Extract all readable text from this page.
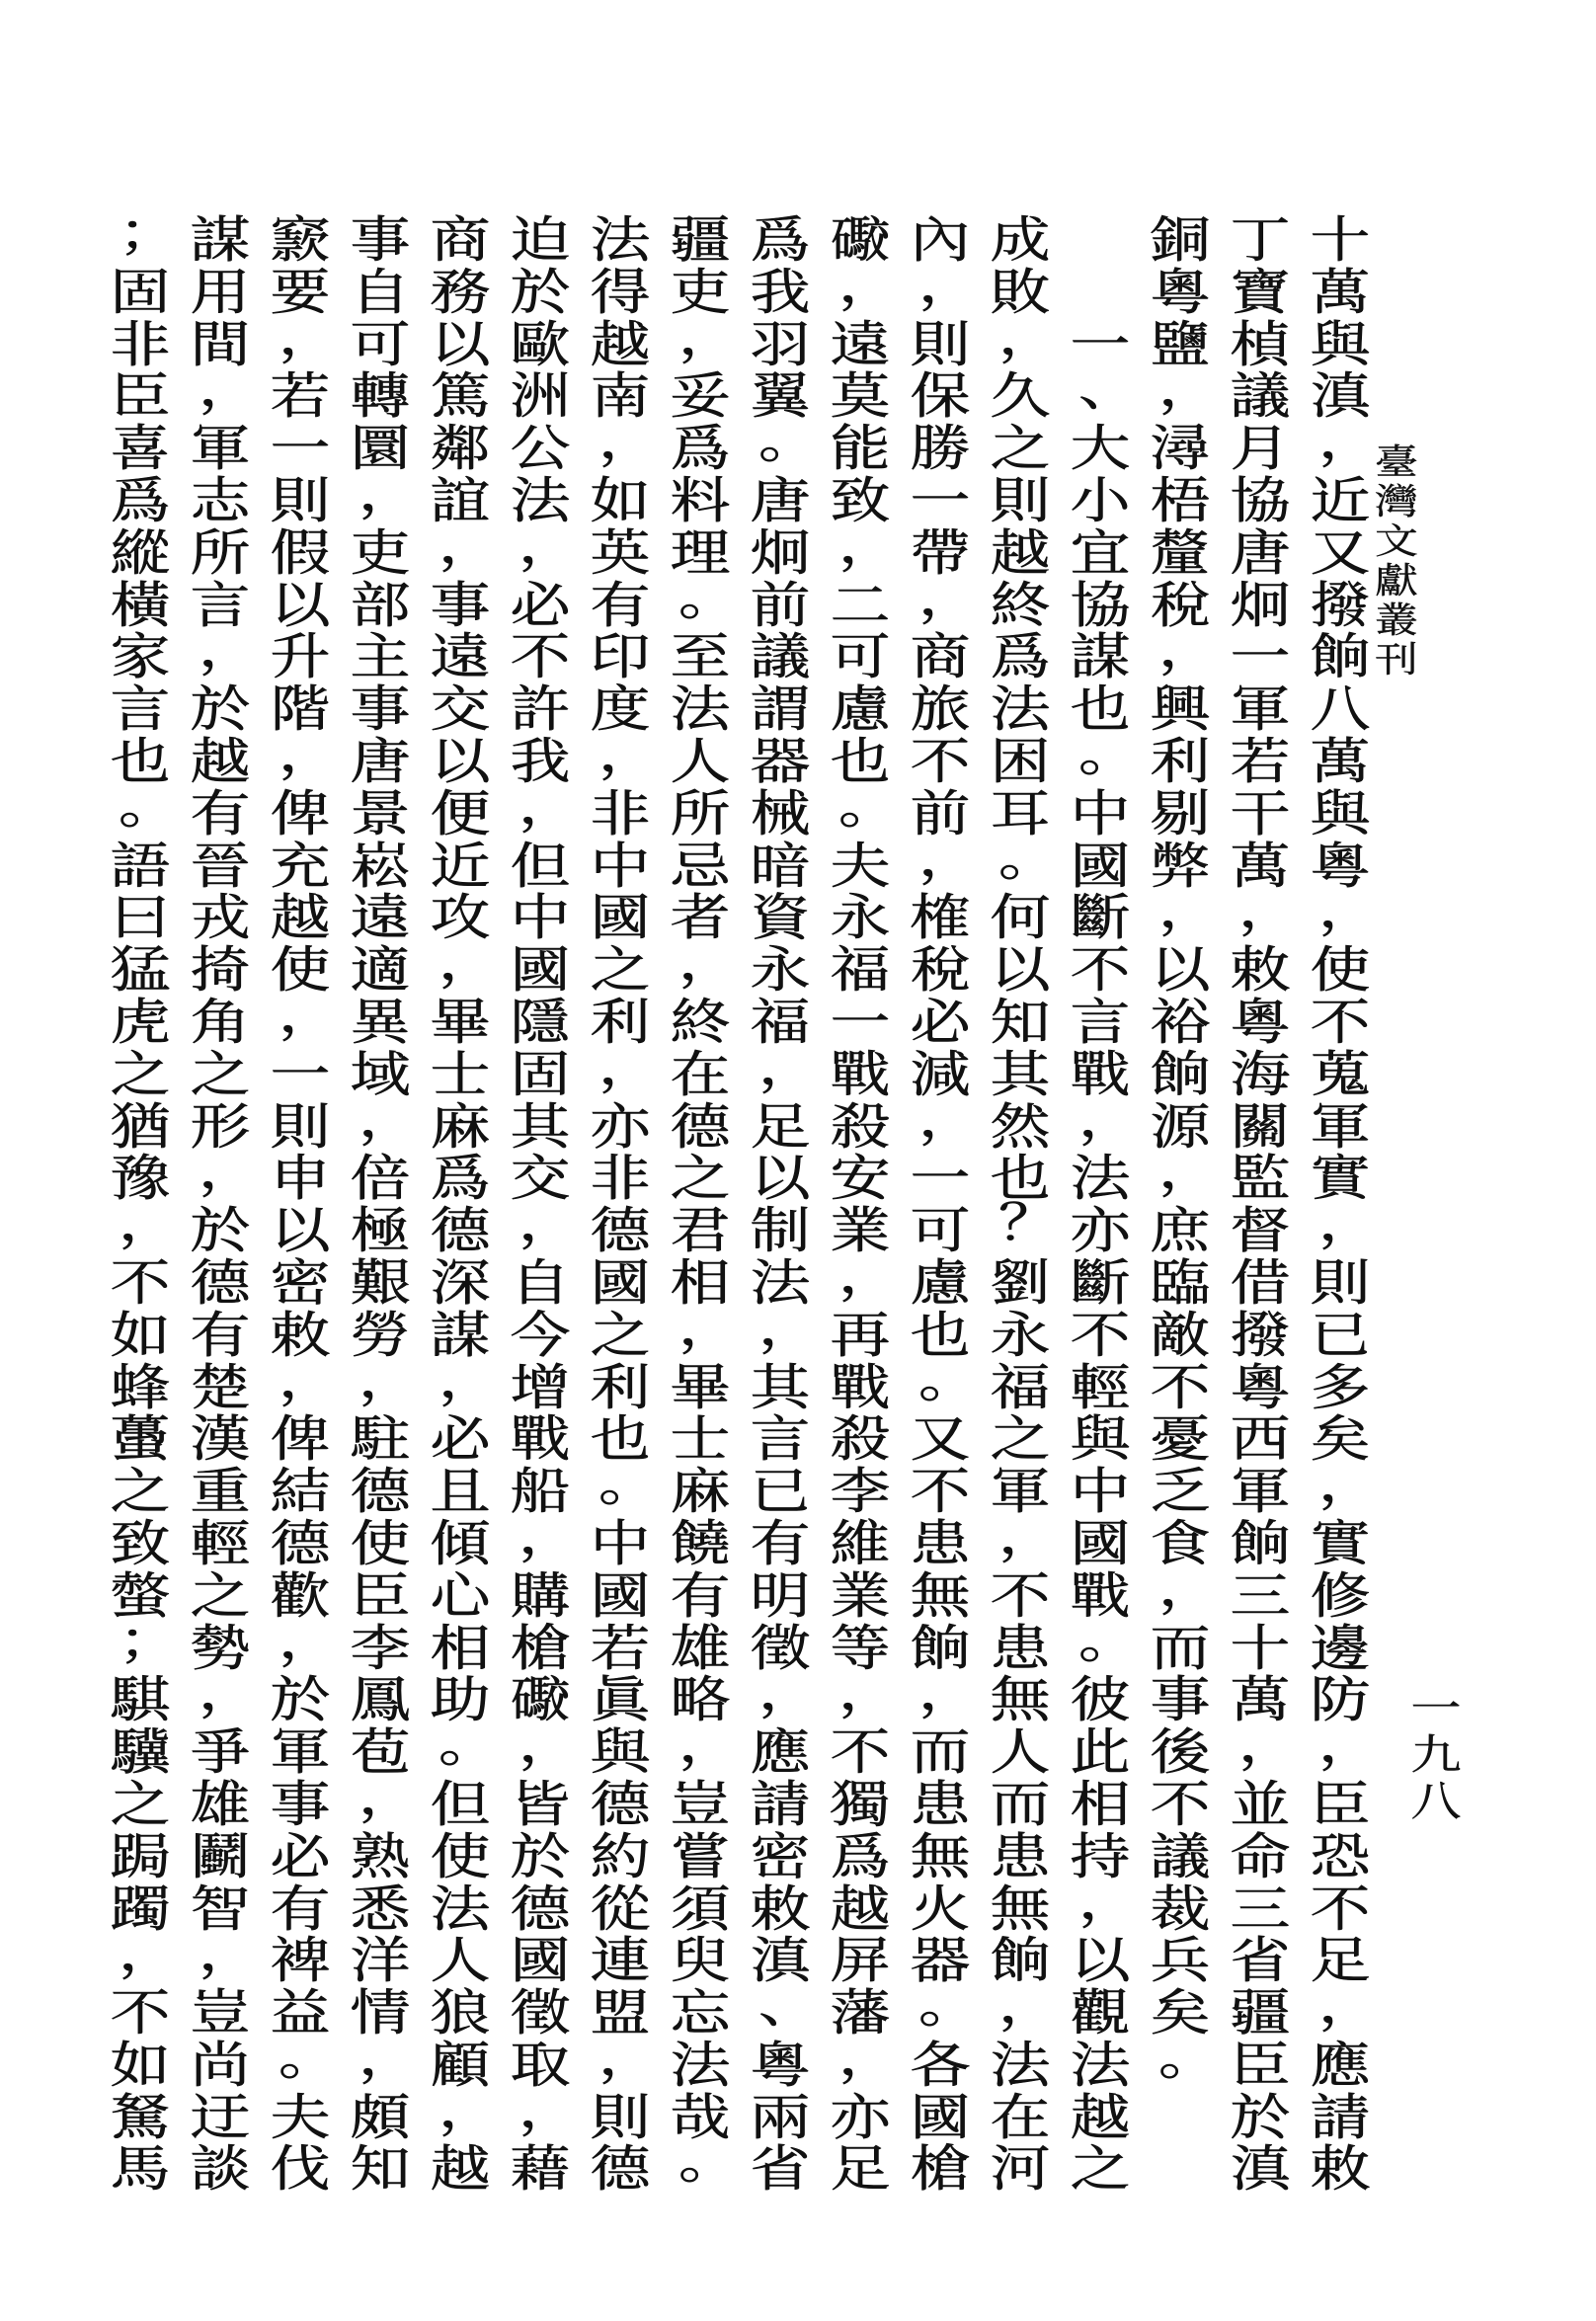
臺
灣
文
獻
叢
刊
一
九
八
十
萬
與
滇
，
近
又
撥
餉
八
萬
與
粵
，
使
不
蒐
軍
實
，
則
已
多
矣
，
實
修
邊
防
，
臣
恐
不
足
，
應
請
敕
丁
寶
楨
議
月
協
唐
炯
一
軍
若
干
萬
，
敕
粵
海
關
監
督
借
撥
粵
西
軍
餉
三
十
萬
，
並
命
三
省
疆
臣
於
滇
銅
粵
鹽
，
潯
梧
釐
稅
，
興
利
剔
弊
，
以
裕
餉
源
，
庶
臨
敵
不
憂
乏
食
，
而
事
後
不
議
裁
兵
矣
。
一
、
大
小
宜
協
謀
也
。
中
國
斷
不
言
戰
，
法
亦
斷
不
輕
與
中
國
戰
。
彼
此
相
持
，
以
觀
法
越
之
成
敗
，
久
之
則
越
終
爲
法
困
耳
。
何
以
知
其
然
也
？
劉
永
福
之
軍
，
不
患
無
人
而
患
無
餉
，
法
在
河
內
，
則
保
勝
一
帶
，
商
旅
不
前
，
榷
稅
必
減
，
一
可
慮
也
。
又
不
患
無
餉
，
而
患
無
火
器
。
各
國
槍
礮
，
遠
莫
能
致
，
二
可
慮
也
。
夫
永
福
一
戰
殺
安
業
，
再
戰
殺
李
維
業
等
，
不
獨
爲
越
屏
藩
，
亦
足
爲
我
羽
翼
。
唐
炯
前
議
謂
器
械
暗
資
永
福
，
足
以
制
法
，
其
言
已
有
明
徵
，
應
請
密
敕
滇
、
粵
兩
省
疆
吏
，
妥
爲
料
理
。
至
法
人
所
忌
者
，
終
在
德
之
君
相
，
畢
士
麻
饒
有
雄
略
，
豈
嘗
須
臾
忘
法
哉
。
法
得
越
南
，
如
英
有
印
度
，
非
中
國
之
利
，
亦
非
德
國
之
利
也
。
中
國
若
眞
與
德
約
從
連
盟
，
則
德
迫
於
歐
洲
公
法
，
必
不
許
我
，
但
中
國
隱
固
其
交
，
自
今
增
戰
船
，
購
槍
礮
，
皆
於
德
國
徵
取
，
藉
商
務
以
篤
鄰
誼
，
事
遠
交
以
便
近
攻
，
畢
士
麻
爲
德
深
謀
，
必
且
傾
心
相
助
。
但
使
法
人
狼
顧
，
越
事
自
可
轉
圜
，
吏
部
主
事
唐
景
崧
遠
適
異
域
，
倍
極
艱
勞
，
駐
德
使
臣
李
鳳
苞
，
熟
悉
洋
情
，
頗
知
窾
要
，
若
一
則
假
以
升
階
，
俾
充
越
使
，
一
則
申
以
密
敕
，
俾
結
德
歡
，
於
軍
事
必
有
裨
益
。
夫
伐
謀
用
間
，
軍
志
所
言
，
於
越
有
晉
戎
掎
角
之
形
，
於
德
有
楚
漢
重
輕
之
勢
，
爭
雄
鬬
智
，
豈
尚
迂
談
；
固
非
臣
喜
爲
縱
橫
家
言
也
。
語
曰
猛
虎
之
猶
豫
，
不
如
蜂
蠆
之
致
螫
；
騏
驥
之
跼
躅
，
不
如
駑
馬
